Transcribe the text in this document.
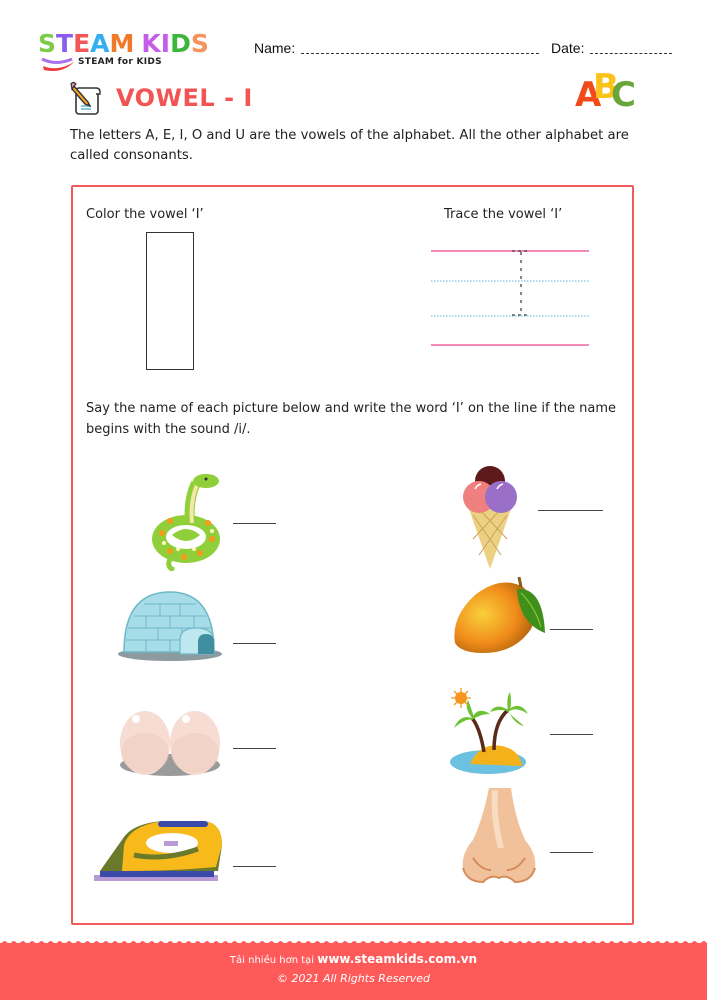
STEAM KIDS
STEAM for KIDS
Name:	Date:
A
B
C
VOWEL - I
The letters A, E, I, O and U are the vowels of the alphabet. All the other alphabet are called consonants.
Color the vowel ‘I’	Trace the vowel ‘I’
Say the name of each picture below and write the word ‘I’ on the line if the name begins with the sound /i/.
Tải nhiều hơn tại www.steamkids.com.vn
© 2021 All Rights Reserved
